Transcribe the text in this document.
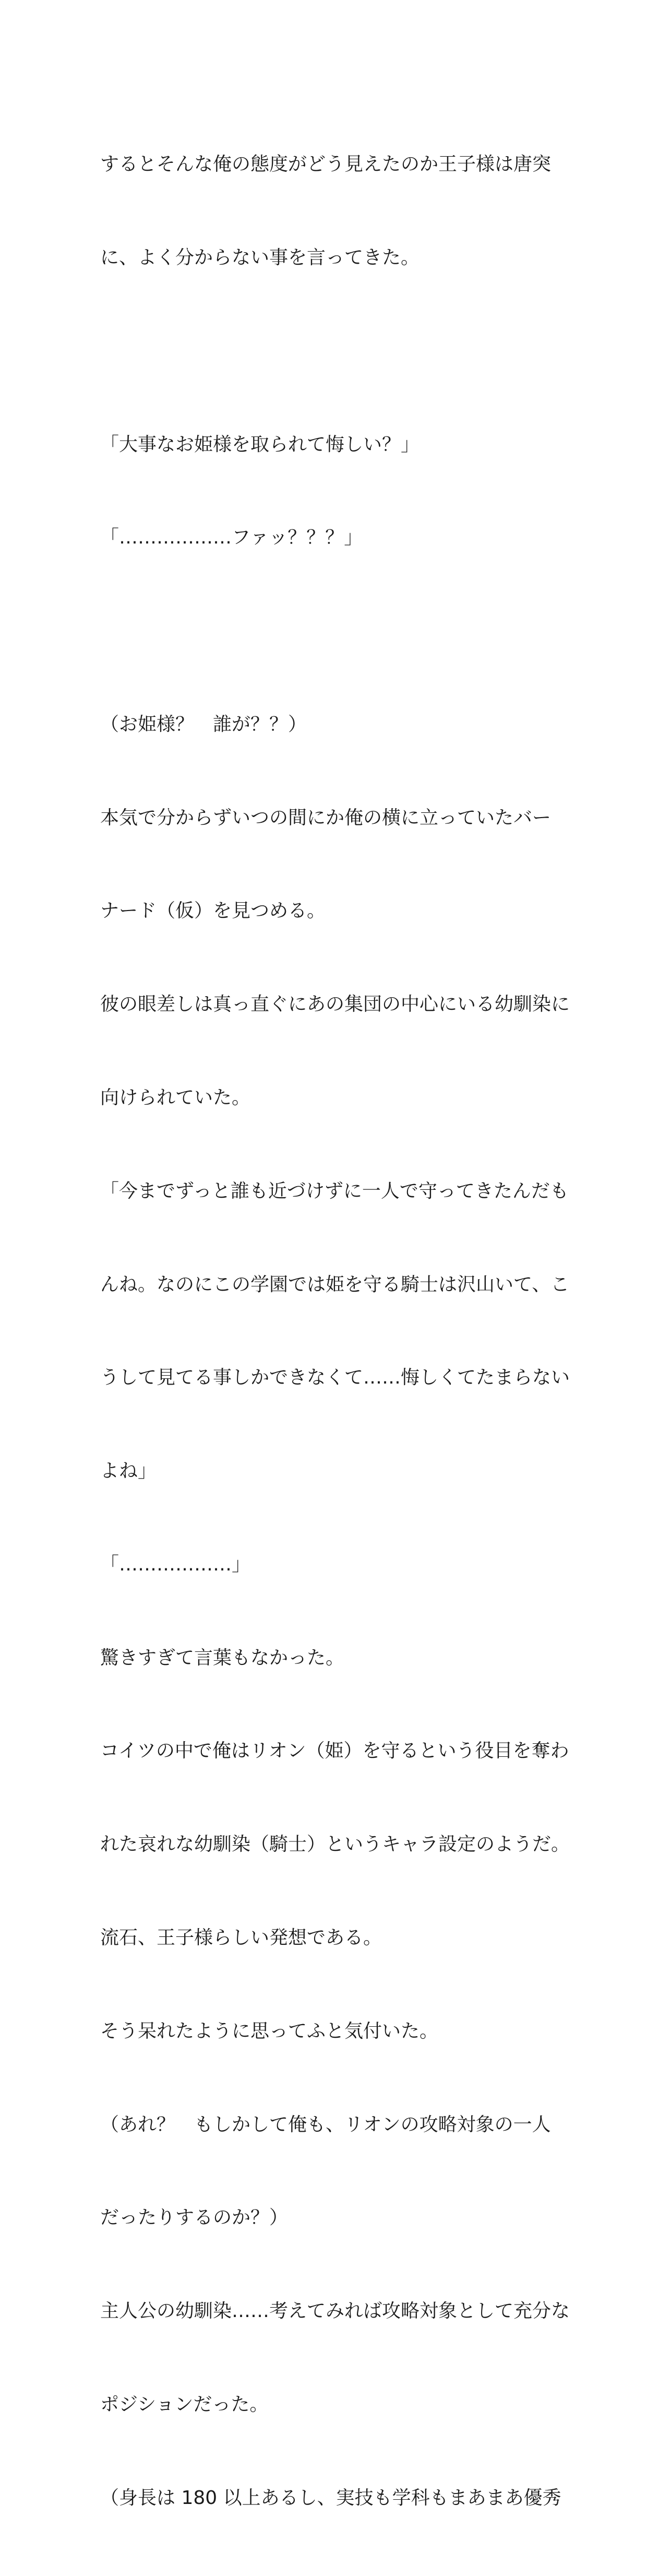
するとそんな俺の態度がどう見えたのか王子様は唐突

に、よく分からない事を言ってきた。

「大事なお姫様を取られて悔しい？」

「………………ファッ？？？」

（お姫様？　誰が？？）

本気で分からずいつの間にか俺の横に立っていたバー

ナード（仮）を見つめる。

彼の眼差しは真っ直ぐにあの集団の中心にいる幼馴染に

向けられていた。

「今までずっと誰も近づけずに一人で守ってきたんだも

んね。なのにこの学園では姫を守る騎士は沢山いて、こ

うして見てる事しかできなくて……悔しくてたまらない

よね」

「………………」

驚きすぎて言葉もなかった。

コイツの中で俺はリオン（姫）を守るという役目を奪わ

れた哀れな幼馴染（騎士）というキャラ設定のようだ。

流石、王子様らしい発想である。

そう呆れたように思ってふと気付いた。

（あれ？　もしかして俺も、リオンの攻略対象の一人

だったりするのか？）

主人公の幼馴染……考えてみれば攻略対象として充分な

ポジションだった。

（身長は 180 以上あるし、実技も学科もまあまあ優秀
